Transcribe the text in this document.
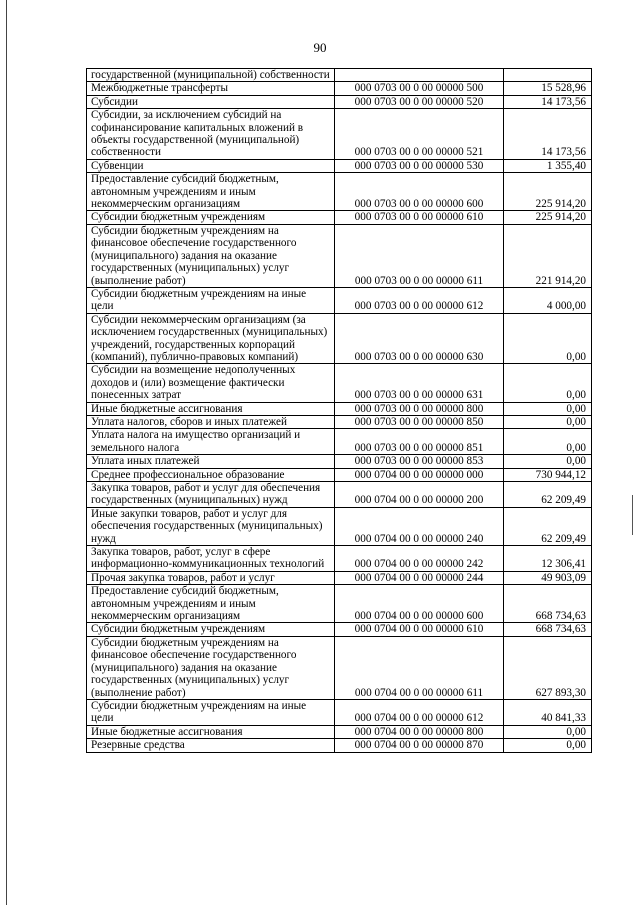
90
государственной (муниципальной) собственности		
Межбюджетные трансферты	000 0703 00 0 00 00000 500	15 528,96
Субсидии	000 0703 00 0 00 00000 520	14 173,56
Субсидии, за исключением субсидий на софинансирование капитальных вложений в объекты государственной (муниципальной) собственности	000 0703 00 0 00 00000 521	14 173,56
Субвенции	000 0703 00 0 00 00000 530	1 355,40
Предоставление субсидий бюджетным, автономным учреждениям и иным некоммерческим организациям	000 0703 00 0 00 00000 600	225 914,20
Субсидии бюджетным учреждениям	000 0703 00 0 00 00000 610	225 914,20
Субсидии бюджетным учреждениям на финансовое обеспечение государственного (муниципального) задания на оказание государственных (муниципальных) услуг (выполнение работ)	000 0703 00 0 00 00000 611	221 914,20
Субсидии бюджетным учреждениям на иные цели	000 0703 00 0 00 00000 612	4 000,00
Субсидии некоммерческим организациям (за исключением государственных (муниципальных) учреждений, государственных корпораций (компаний), публично-правовых компаний)	000 0703 00 0 00 00000 630	0,00
Субсидии на возмещение недополученных доходов и (или) возмещение фактически понесенных затрат	000 0703 00 0 00 00000 631	0,00
Иные бюджетные ассигнования	000 0703 00 0 00 00000 800	0,00
Уплата налогов, сборов и иных платежей	000 0703 00 0 00 00000 850	0,00
Уплата налога на имущество организаций и земельного налога	000 0703 00 0 00 00000 851	0,00
Уплата иных платежей	000 0703 00 0 00 00000 853	0,00
Среднее профессиональное образование	000 0704 00 0 00 00000 000	730 944,12
Закупка товаров, работ и услуг для обеспечения государственных (муниципальных) нужд	000 0704 00 0 00 00000 200	62 209,49
Иные закупки товаров, работ и услуг для обеспечения государственных (муниципальных) нужд	000 0704 00 0 00 00000 240	62 209,49
Закупка товаров, работ, услуг в сфере информационно-коммуникационных технологий	000 0704 00 0 00 00000 242	12 306,41
Прочая закупка товаров, работ и услуг	000 0704 00 0 00 00000 244	49 903,09
Предоставление субсидий бюджетным, автономным учреждениям и иным некоммерческим организациям	000 0704 00 0 00 00000 600	668 734,63
Субсидии бюджетным учреждениям	000 0704 00 0 00 00000 610	668 734,63
Субсидии бюджетным учреждениям на финансовое обеспечение государственного (муниципального) задания на оказание государственных (муниципальных) услуг (выполнение работ)	000 0704 00 0 00 00000 611	627 893,30
Субсидии бюджетным учреждениям на иные цели	000 0704 00 0 00 00000 612	40 841,33
Иные бюджетные ассигнования	000 0704 00 0 00 00000 800	0,00
Резервные средства	000 0704 00 0 00 00000 870	0,00
